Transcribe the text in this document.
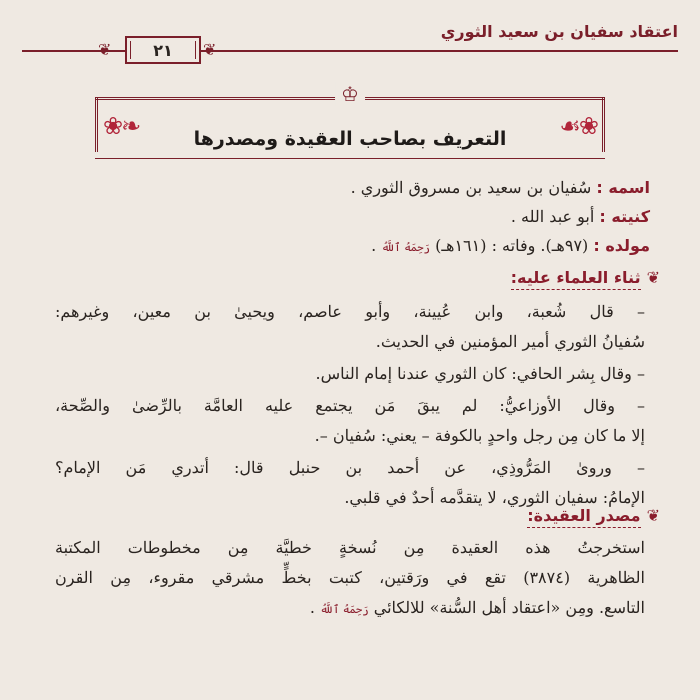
اعتقاد سفيان بن سعيد الثوري
❦	٢١ ❦
♔
❀❧	☙❀
التعريف بصاحب العقيدة ومصدرها
اسمه : سُفيان بن سعيد بن مسروق الثوري .
كنيته : أبو عبد الله .
مولده : (٩٧هـ). وفاته : (١٦١هـ) رَحِمَهُ ٱللَّهُ .
❦ثناء العلماء عليه:
– قال شُعبة، وابن عُيينة، وأبو عاصم، ويحيىٰ بن معين، وغيرهم:
سُفيانُ الثوري أمير المؤمنين في الحديث.
– وقال بِشر الحافي: كان الثوري عندنا إمام الناس.
– وقال الأوزاعيُّ: لم يبقَ مَن يجتمع عليه العامَّة بالرِّضىٰ والصِّحة،
إلا ما كان مِن رجل واحدٍ بالكوفة – يعني: سُفيان –.
– وروىٰ المَرُّوذِي، عن أحمد بن حنبل قال: أتدري مَن الإمام؟
الإمامُ: سفيان الثوري، لا يتقدَّمه أحدٌ في قلبي.
❦مصدر العقيدة:
استخرجتُ هذه العقيدة مِن نُسخةٍ خطيَّة مِن مخطوطات المكتبة
الظاهرية (٣٨٧٤) تقع في ورَقتين، كتبت بخطٍّ مشرقي مقروء، مِن القرن
التاسع. ومِن «اعتقاد أهل السُّنة» للالكائي رَحِمَهُ ٱللَّهُ .
